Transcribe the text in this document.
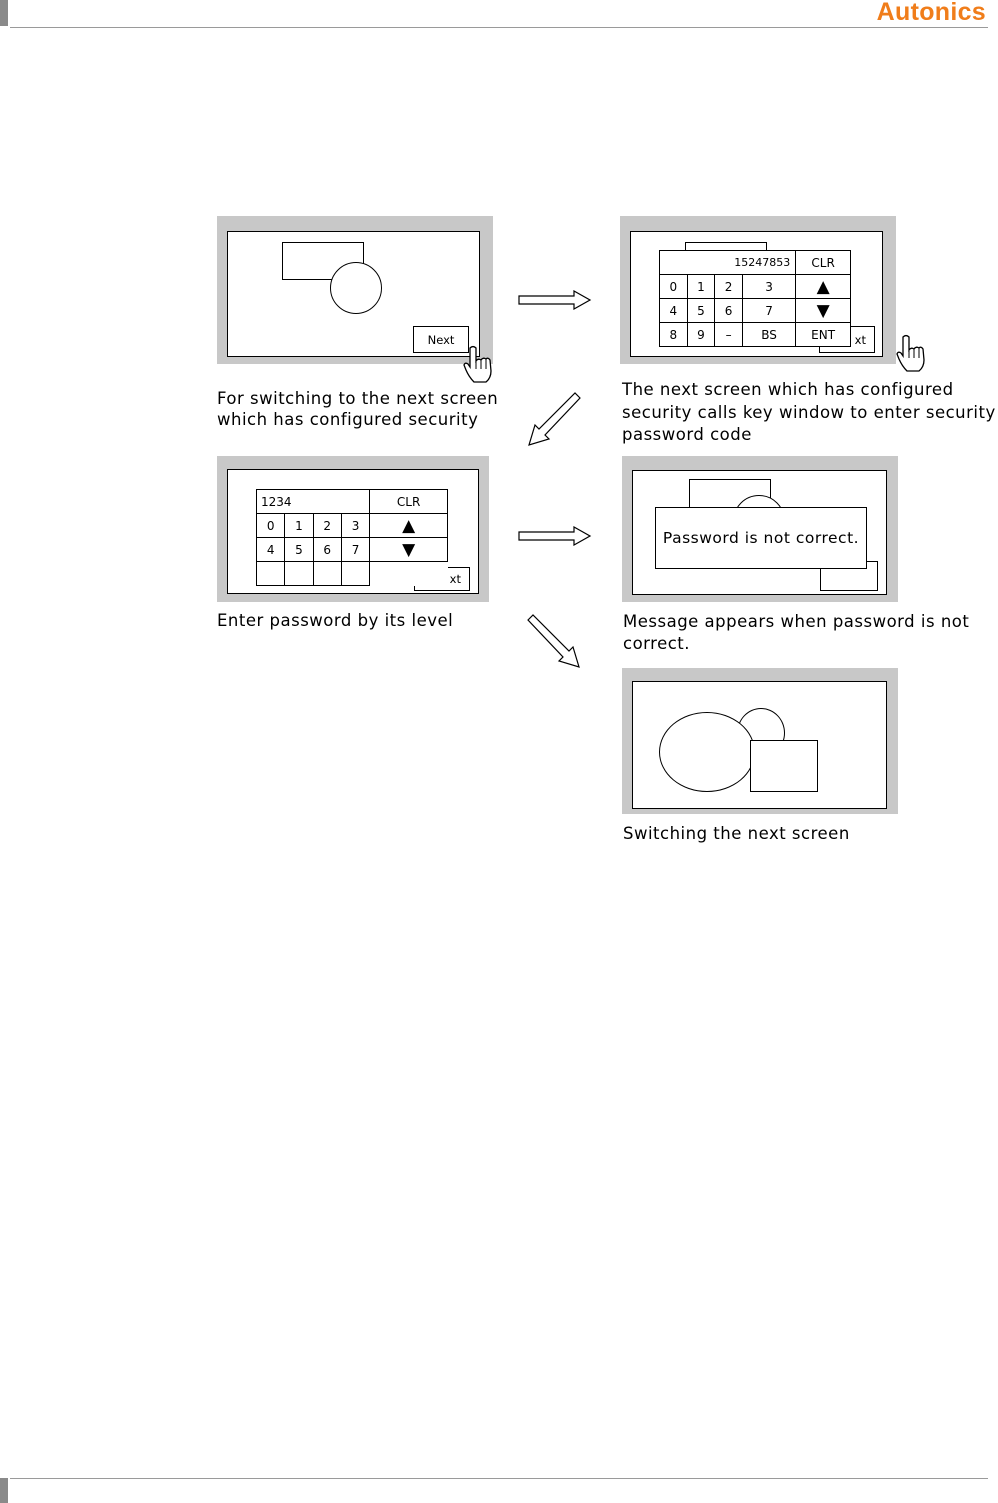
Autonics
Next
For switching to the next screen
which has configured security
xt
15247853				CLR
0	1	2	3	▲
4	5	6	7	▼
8	9	–	BS	ENT
The next screen which has configured
security calls key window to enter security
password code
xt
1234				CLR
0	1	2	3	▲
4	5	6	7	▼

Enter password by its level
Password is not correct.
Message appears when password is not
correct.
Switching the next screen
